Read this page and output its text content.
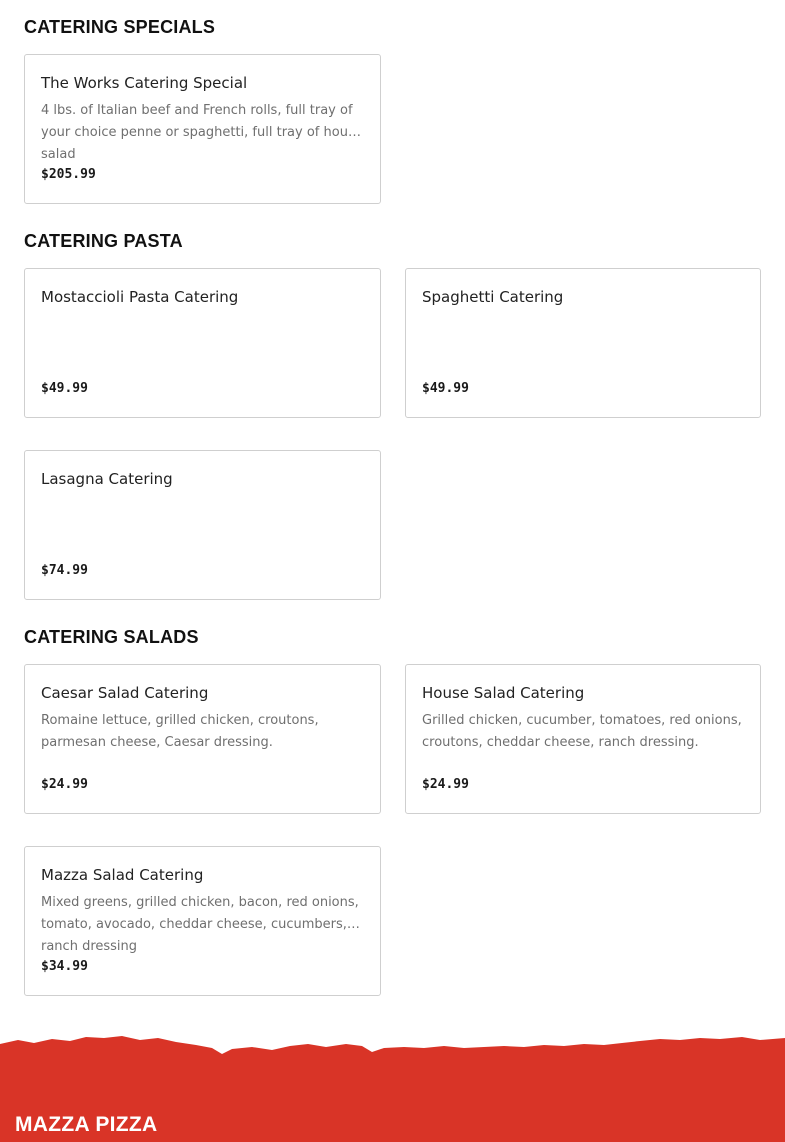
CATERING SPECIALS
The Works Catering Special
4 lbs. of Italian beef and French rolls, full tray of your choice penne or spaghetti, full tray of house salad
$205.99
CATERING PASTA
Mostaccioli Pasta Catering
$49.99
Spaghetti Catering
$49.99
Lasagna Catering
$74.99
CATERING SALADS
Caesar Salad Catering
Romaine lettuce, grilled chicken, croutons, parmesan cheese, Caesar dressing.
$24.99
House Salad Catering
Grilled chicken, cucumber, tomatoes, red onions, croutons, cheddar cheese, ranch dressing.
$24.99
Mazza Salad Catering
Mixed greens, grilled chicken, bacon, red onions, tomato, avocado, cheddar cheese, cucumbers, ranch dressing
$34.99
MAZZA PIZZA
